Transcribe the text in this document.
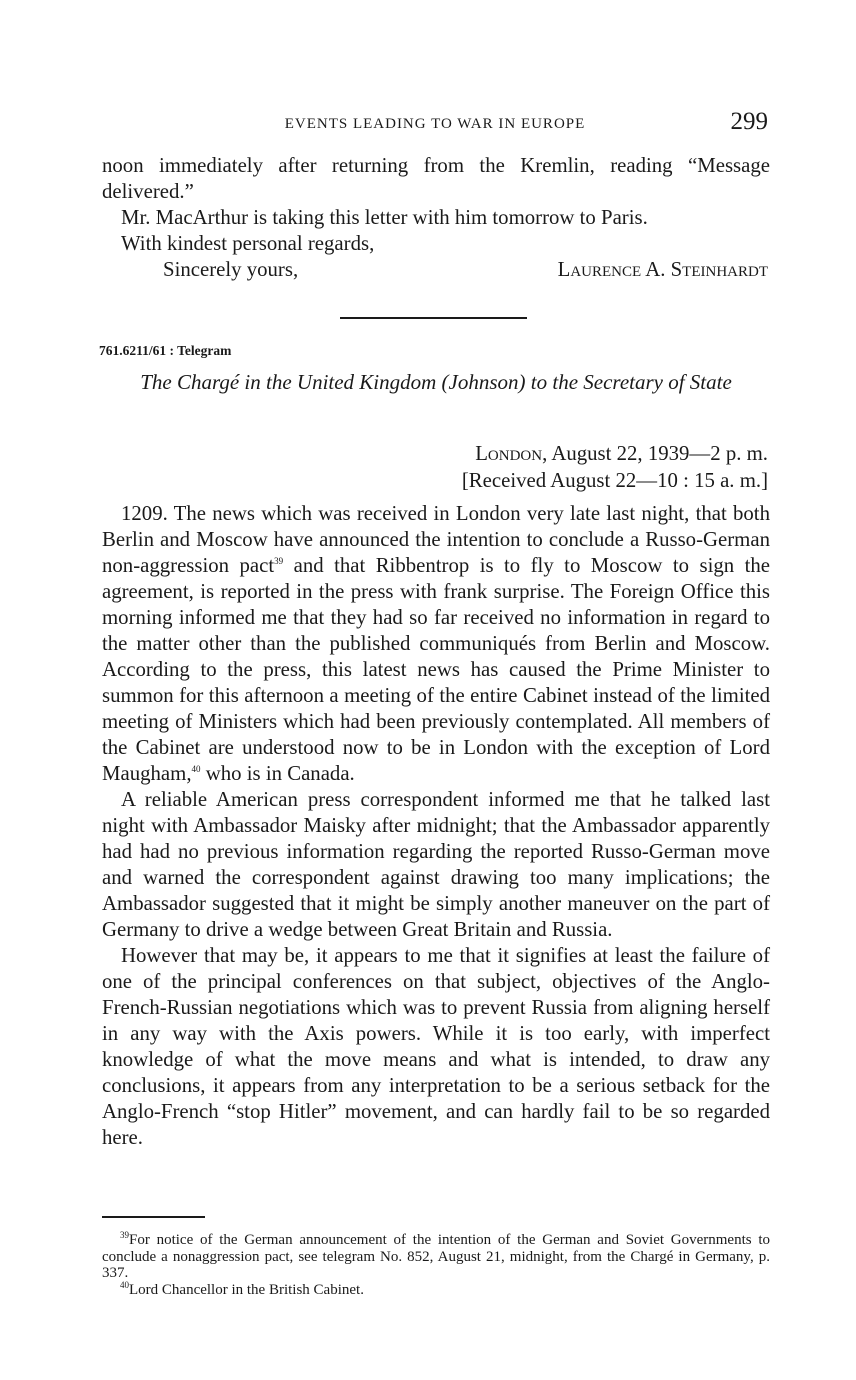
EVENTS LEADING TO WAR IN EUROPE	299

noon immediately after returning from the Kremlin, reading “Message delivered.”

Mr. MacArthur is taking this letter with him tomorrow to Paris.

With kindest personal regards,

Sincerely yours,	Laurence A. Steinhardt
761.6211/61 : Telegram
The Chargé in the United Kingdom (Johnson) to the Secretary of State
London, August 22, 1939—2 p. m.
[Received August 22—10 : 15 a. m.]

1209. The news which was received in London very late last night, that both Berlin and Moscow have announced the intention to conclude a Russo-German non-aggression pact$^{39}$ and that Ribbentrop is to fly to Moscow to sign the agreement, is reported in the press with frank surprise. The Foreign Office this morning informed me that they had so far received no information in regard to the matter other than the published communiqués from Berlin and Moscow. According to the press, this latest news has caused the Prime Minister to summon for this afternoon a meeting of the entire Cabinet instead of the limited meeting of Ministers which had been previously contemplated. All members of the Cabinet are understood now to be in London with the exception of Lord Maugham,$^{40}$ who is in Canada.

A reliable American press correspondent informed me that he talked last night with Ambassador Maisky after midnight; that the Ambassador apparently had had no previous information regarding the reported Russo-German move and warned the correspondent against drawing too many implications; the Ambassador suggested that it might be simply another maneuver on the part of Germany to drive a wedge between Great Britain and Russia.

However that may be, it appears to me that it signifies at least the failure of one of the principal conferences on that subject, objectives of the Anglo-French-Russian negotiations which was to prevent Russia from aligning herself in any way with the Axis powers. While it is too early, with imperfect knowledge of what the move means and what is intended, to draw any conclusions, it appears from any interpretation to be a serious setback for the Anglo-French “stop Hitler” movement, and can hardly fail to be so regarded here.

$^{39}$For notice of the German announcement of the intention of the German and Soviet Governments to conclude a nonaggression pact, see telegram No. 852, August 21, midnight, from the Chargé in Germany, p. 337.

$^{40}$Lord Chancellor in the British Cabinet.
